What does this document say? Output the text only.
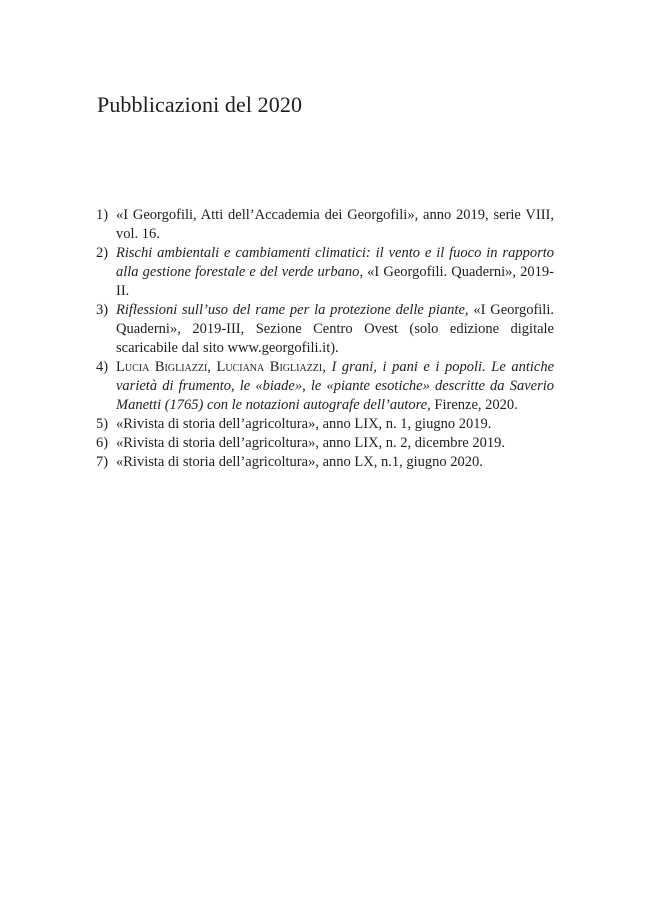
Pubblicazioni del 2020
1) «I Georgofili, Atti dell’Accademia dei Georgofili», anno 2019, serie VIII, vol. 16.
2) Rischi ambientali e cambiamenti climatici: il vento e il fuoco in rapporto alla gestione forestale e del verde urbano, «I Georgofili. Quaderni», 2019-II.
3) Riflessioni sull’uso del rame per la protezione delle piante, «I Georgofili. Quaderni», 2019-III, Sezione Centro Ovest (solo edizione digitale scaricabile dal sito www.georgofili.it).
4) Lucia Bigliazzi, Luciana Bigliazzi, I grani, i pani e i popoli. Le antiche varietà di frumento, le «biade», le «piante esotiche» descritte da Saverio Manetti (1765) con le notazioni autografe dell’autore, Firenze, 2020.
5) «Rivista di storia dell’agricoltura», anno LIX, n. 1, giugno 2019.
6) «Rivista di storia dell’agricoltura», anno LIX, n. 2, dicembre 2019.
7) «Rivista di storia dell’agricoltura», anno LX, n.1, giugno 2020.
